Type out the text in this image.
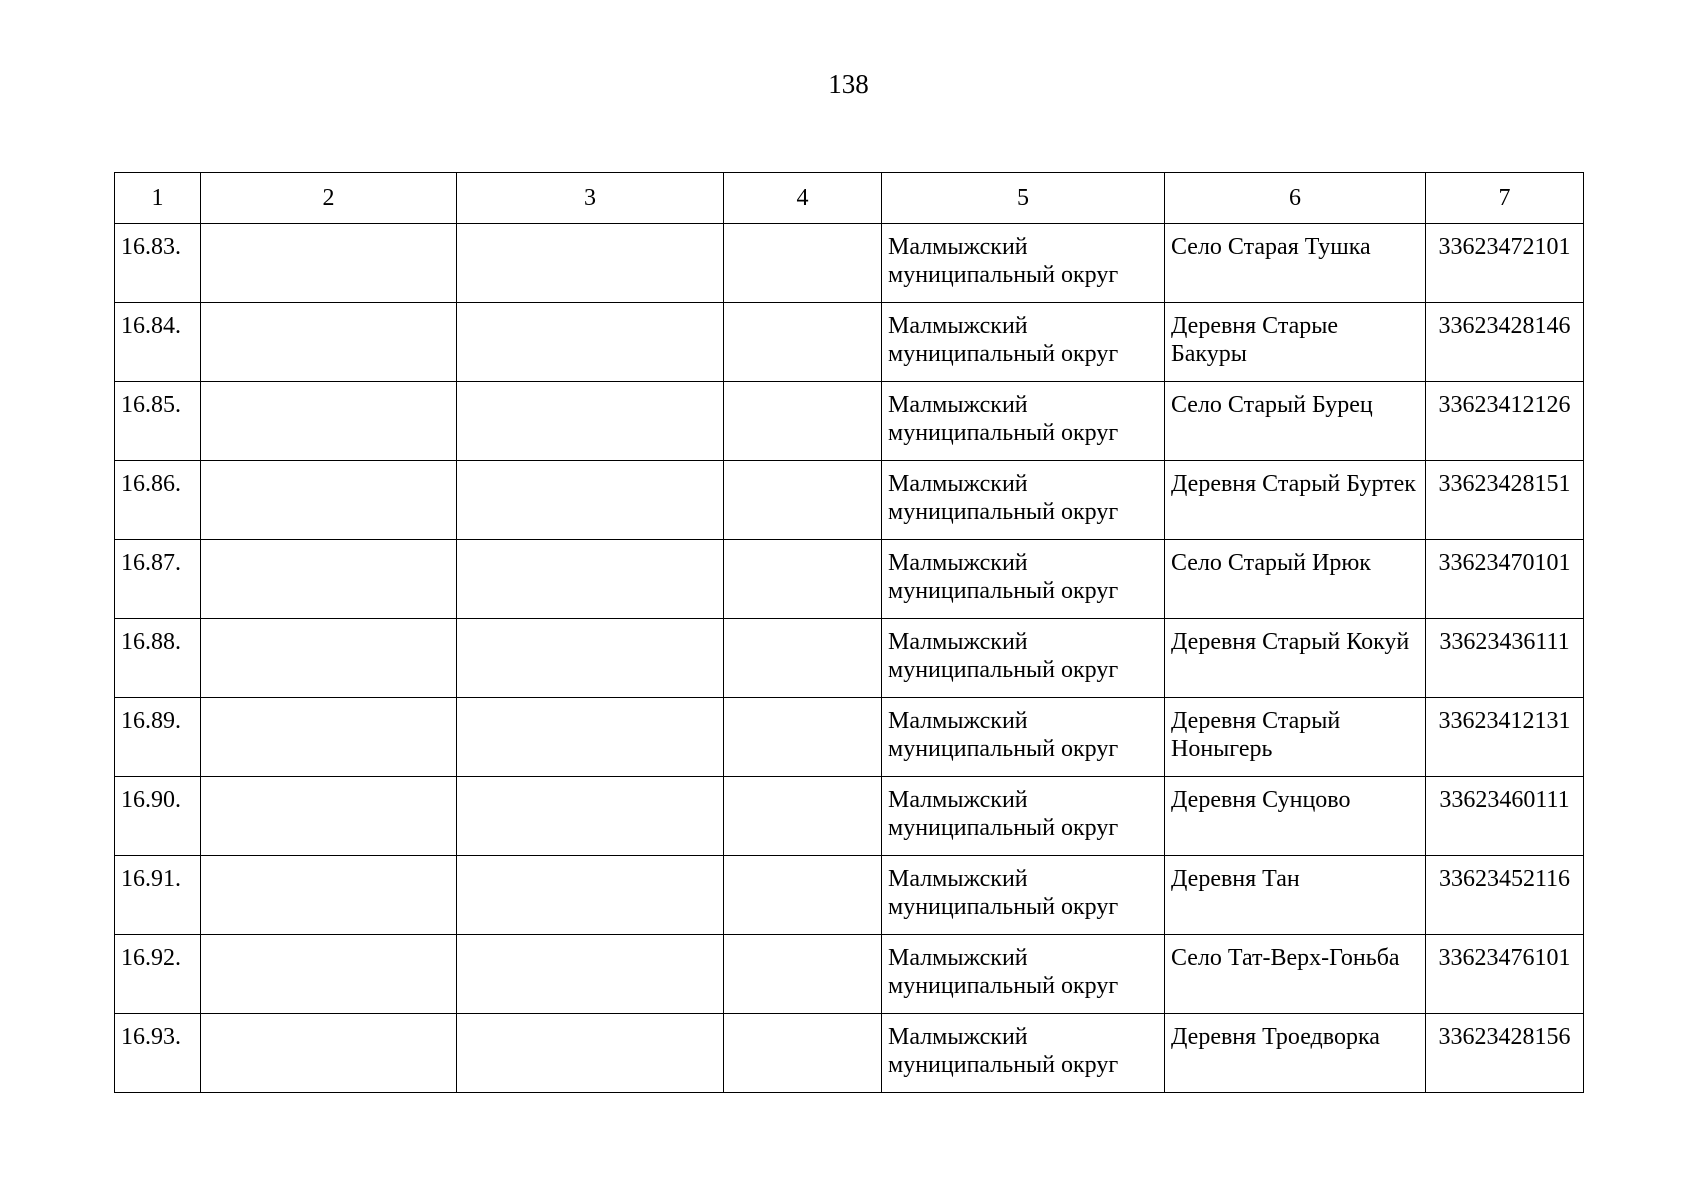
138
1	2	3	4	5	6	7
16.83.				Малмыжский муниципальный округ	Село Старая Тушка	33623472101
16.84.				Малмыжский муниципальный округ	Деревня Старые Бакуры	33623428146
16.85.				Малмыжский муниципальный округ	Село Старый Бурец	33623412126
16.86.				Малмыжский муниципальный округ	Деревня Старый Буртек	33623428151
16.87.				Малмыжский муниципальный округ	Село Старый Ирюк	33623470101
16.88.				Малмыжский муниципальный округ	Деревня Старый Кокуй	33623436111
16.89.				Малмыжский муниципальный округ	Деревня Старый Ноныгерь	33623412131
16.90.				Малмыжский муниципальный округ	Деревня Сунцово	33623460111
16.91.				Малмыжский муниципальный округ	Деревня Тан	33623452116
16.92.				Малмыжский муниципальный округ	Село Тат-Верх-Гоньба	33623476101
16.93.				Малмыжский муниципальный округ	Деревня Троедворка	33623428156
